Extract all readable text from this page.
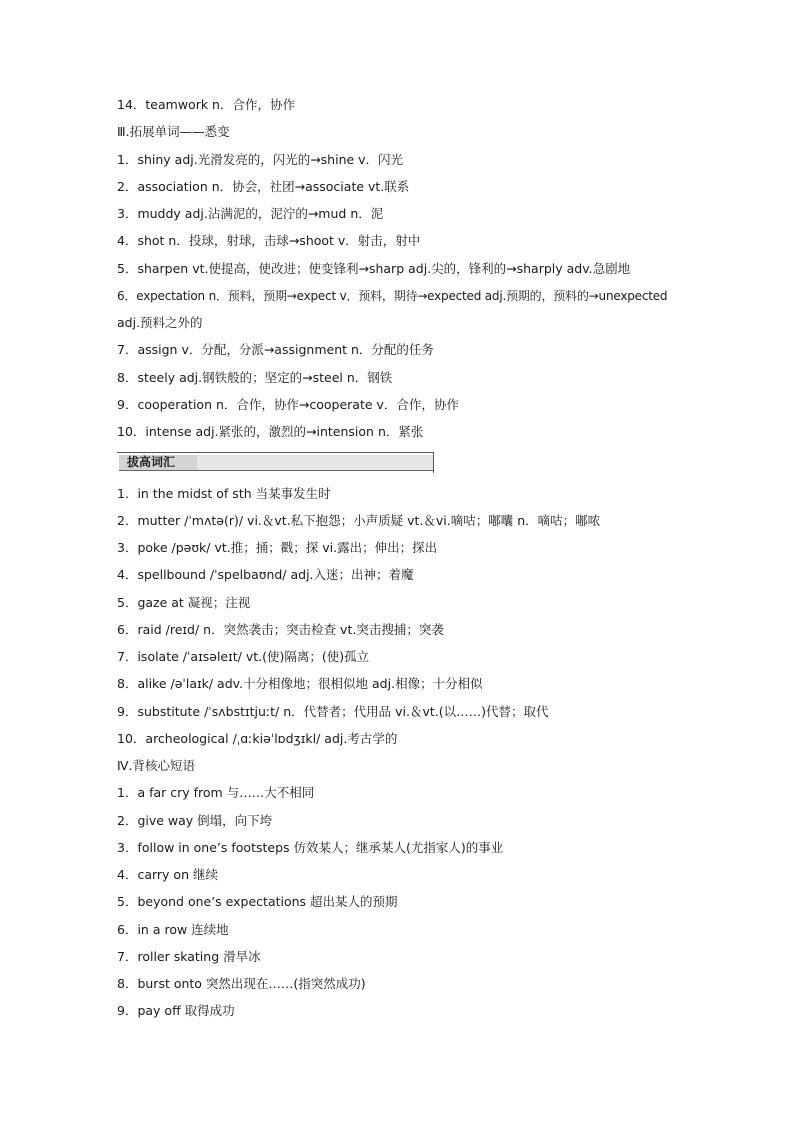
14．teamwork n．合作，协作
Ⅲ.拓展单词——悉变
1．shiny adj.光滑发亮的，闪光的→shine v．闪光
2．association n．协会，社团→associate vt.联系
3．muddy adj.沾满泥的，泥泞的→mud n．泥
4．shot n．投球，射球，击球→shoot v．射击，射中
5．sharpen vt.使提高，使改进；使变锋利→sharp adj.尖的，锋利的→sharply adv.急剧地
6．expectation n．预料，预期→expect v．预料，期待→expected adj.预期的，预料的→unexpected
adj.预料之外的
7．assign v．分配，分派→assignment n．分配的任务
8．steely adj.钢铁般的；坚定的→steel n．钢铁
9．cooperation n．合作，协作→cooperate v．合作，协作
10．intense adj.紧张的，激烈的→intension n．紧张
拔高词汇
1．in the midst of sth 当某事发生时
2．mutter /ˈmʌtə(r)/ vi.＆vt.私下抱怨；小声质疑 vt.＆vi.嘀咕；嘟囔 n．嘀咕；嘟哝
3．poke /pəʊk/ vt.推；捅；戳；探 vi.露出；伸出；探出
4．spellbound /ˈspelbaʊnd/ adj.入迷；出神；着魔
5．gaze at 凝视；注视
6．raid /reɪd/ n．突然袭击；突击检查 vt.突击搜捕；突袭
7．isolate /ˈaɪsəleɪt/ vt.(使)隔离；(使)孤立
8．alike /əˈlaɪk/ adv.十分相像地；很相似地 adj.相像；十分相似
9．substitute /ˈsʌbstɪtjuːt/ n．代替者；代用品 vi.＆vt.(以……)代替；取代
10．archeological /ˌɑːkiəˈlɒdʒɪkl/ adj.考古学的
Ⅳ.背核心短语
1．a far cry from 与……大不相同
2．give way 倒塌，向下垮
3．follow in one’s footsteps 仿效某人；继承某人(尤指家人)的事业
4．carry on 继续
5．beyond one’s expectations 超出某人的预期
6．in a row 连续地
7．roller skating 滑旱冰
8．burst onto 突然出现在……(指突然成功)
9．pay off 取得成功
